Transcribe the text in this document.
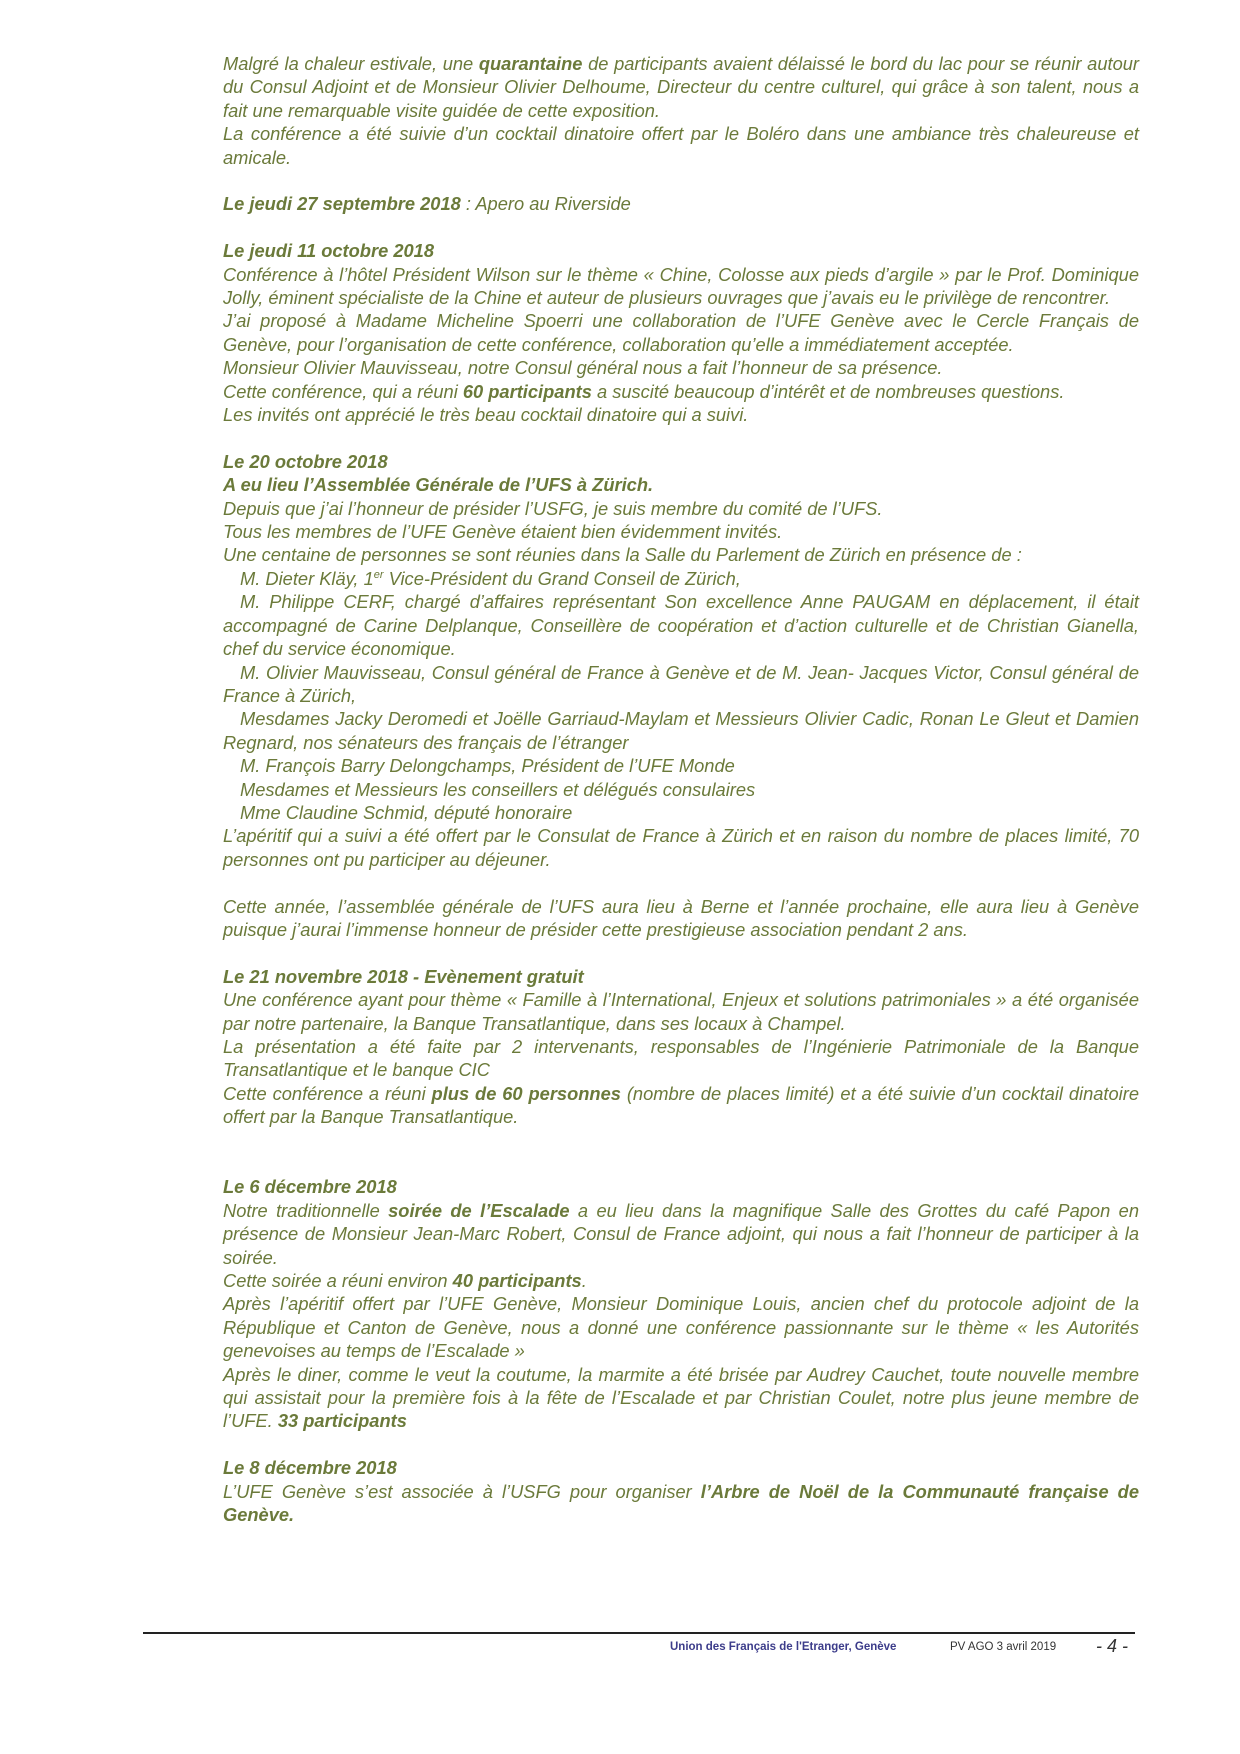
Malgré la chaleur estivale, une quarantaine de participants avaient délaissé le bord du lac pour se réunir autour du Consul Adjoint et de Monsieur Olivier Delhoume, Directeur du centre culturel, qui grâce à son talent, nous a fait une remarquable visite guidée de cette exposition.

La conférence a été suivie d’un cocktail dinatoire offert par le Boléro dans une ambiance très chaleureuse et amicale.

Le jeudi 27 septembre 2018 : Apero au Riverside

Le jeudi 11 octobre 2018

Conférence à l’hôtel Président Wilson sur le thème « Chine, Colosse aux pieds d’argile » par le Prof. Dominique Jolly, éminent spécialiste de la Chine et auteur de plusieurs ouvrages que j’avais eu le privilège de rencontrer.

J’ai proposé à Madame Micheline Spoerri une collaboration de l’UFE Genève avec le Cercle Français de Genève, pour l’organisation de cette conférence, collaboration qu’elle a immédiatement acceptée.

Monsieur Olivier Mauvisseau, notre Consul général nous a fait l’honneur de sa présence.

Cette conférence, qui a réuni 60 participants a suscité beaucoup d’intérêt et de nombreuses questions.

Les invités ont apprécié le très beau cocktail dinatoire qui a suivi.

Le 20 octobre 2018

A eu lieu l’Assemblée Générale de l’UFS à Zürich.

Depuis que j’ai l’honneur de présider l’USFG, je suis membre du comité de l’UFS.

Tous les membres de l’UFE Genève étaient bien évidemment invités.

Une centaine de personnes se sont réunies dans la Salle du Parlement de Zürich en présence de :

M. Dieter Kläy, 1er Vice-Président du Grand Conseil de Zürich,

M. Philippe CERF, chargé d’affaires représentant Son excellence Anne PAUGAM en déplacement, il était accompagné de Carine Delplanque, Conseillère de coopération et d’action culturelle et de Christian Gianella, chef du service économique.

M. Olivier Mauvisseau, Consul général de France à Genève et de M. Jean- Jacques Victor, Consul général de France à Zürich,

Mesdames Jacky Deromedi et Joëlle Garriaud-Maylam et Messieurs Olivier Cadic, Ronan Le Gleut et Damien Regnard, nos sénateurs des français de l’étranger

M. François Barry Delongchamps, Président de l’UFE Monde

Mesdames et Messieurs les conseillers et délégués consulaires

Mme Claudine Schmid, député honoraire

L’apéritif qui a suivi a été offert par le Consulat de France à Zürich et en raison du nombre de places limité, 70 personnes ont pu participer au déjeuner.

Cette année, l’assemblée générale de l’UFS aura lieu à Berne et l’année prochaine, elle aura lieu à Genève puisque j’aurai l’immense honneur de présider cette prestigieuse association pendant 2 ans.

Le 21 novembre 2018 - Evènement gratuit

Une conférence ayant pour thème « Famille à l’International, Enjeux et solutions patrimoniales » a été organisée par notre partenaire, la Banque Transatlantique, dans ses locaux à Champel.

La présentation a été faite par 2 intervenants, responsables de l’Ingénierie Patrimoniale de la Banque Transatlantique et le banque CIC

Cette conférence a réuni plus de 60 personnes (nombre de places limité) et a été suivie d’un cocktail dinatoire offert par la Banque Transatlantique.

Le 6 décembre 2018

Notre traditionnelle soirée de l’Escalade a eu lieu dans la magnifique Salle des Grottes du café Papon en présence de Monsieur Jean-Marc Robert, Consul de France adjoint, qui nous a fait l’honneur de participer à la soirée.

Cette soirée a réuni environ 40 participants.

Après l’apéritif offert par l’UFE Genève, Monsieur Dominique Louis, ancien chef du protocole adjoint de la République et Canton de Genève, nous a donné une conférence passionnante sur le thème « les Autorités genevoises au temps de l’Escalade »

Après le diner, comme le veut la coutume, la marmite a été brisée par Audrey Cauchet, toute nouvelle membre qui assistait pour la première fois à la fête de l’Escalade et par Christian Coulet, notre plus jeune membre de l’UFE. 33 participants

Le 8 décembre 2018

L’UFE Genève s’est associée à l’USFG pour organiser l’Arbre de Noël de la Communauté française de Genève.

Union des Français de l'Etranger, Genève	PV AGO 3 avril 2019 - 4 -
